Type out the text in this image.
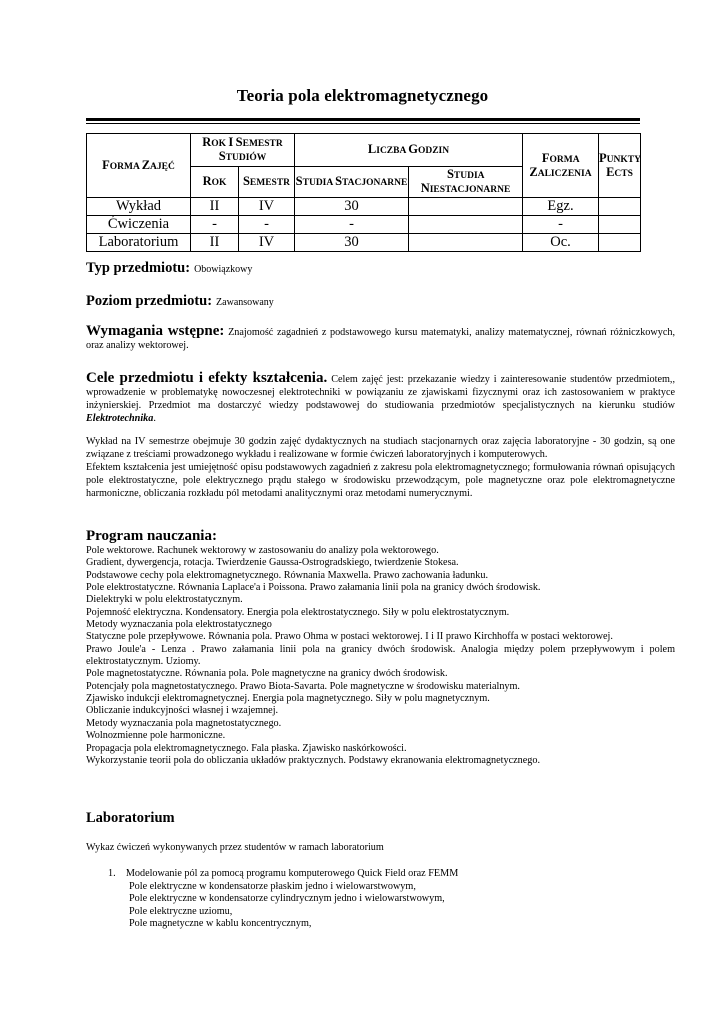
Teoria pola elektromagnetycznego
FORMA ZAJĘĆ	ROK I SEMESTR STUDIÓW		LICZBA GODZIN		FORMA ZALICZENIA	PUNKTY ECTS
	ROK	SEMESTR	STUDIA STACJONARNE	STUDIA NIESTACJONARNE		
Wykład	II	IV	30		Egz.	
Ćwiczenia	-	-	-		-	
Laboratorium	II	IV	30		Oc.	
Typ przedmiotu: Obowiązkowy
Poziom przedmiotu: Zawansowany

Wymagania wstępne: Znajomość zagadnień z podstawowego kursu matematyki, analizy matematycznej, równań różniczkowych, oraz analizy wektorowej.

Cele przedmiotu i efekty kształcenia. Celem zajęć jest: przekazanie wiedzy i zainteresowanie studentów przedmiotem,, wprowadzenie w problematykę nowoczesnej elektrotechniki w powiązaniu ze zjawiskami fizycznymi oraz ich zastosowaniem w praktyce inżynierskiej. Przedmiot ma dostarczyć wiedzy podstawowej do studiowania przedmiotów specjalistycznych na kierunku studiów Elektrotechnika.

Wykład na IV semestrze obejmuje 30 godzin zajęć dydaktycznych na studiach stacjonarnych oraz zajęcia laboratoryjne - 30 godzin, są one związane z treściami prowadzonego wykładu i realizowane w formie ćwiczeń laboratoryjnych i komputerowych.

Efektem kształcenia jest umiejętność opisu podstawowych zagadnień z zakresu pola elektromagnetycznego; formułowania równań opisujących pole elektrostatyczne, pole elektrycznego prądu stałego w środowisku przewodzącym, pole magnetyczne oraz pole elektromagnetyczne harmoniczne, obliczania rozkładu pól metodami analitycznymi oraz metodami numerycznymi.

Program nauczania:

Pole wektorowe. Rachunek wektorowy w zastosowaniu do analizy pola wektorowego.

Gradient, dywergencja, rotacja. Twierdzenie Gaussa-Ostrogradskiego, twierdzenie Stokesa.

Podstawowe cechy pola elektromagnetycznego. Równania Maxwella. Prawo zachowania ładunku.

Pole elektrostatyczne. Równania Laplace'a i Poissona. Prawo załamania linii pola na granicy dwóch środowisk.

Dielektryki w polu elektrostatycznym.

Pojemność elektryczna. Kondensatory. Energia pola elektrostatycznego. Siły w polu elektrostatycznym.

Metody wyznaczania pola elektrostatycznego

Statyczne pole przepływowe. Równania pola. Prawo Ohma w postaci wektorowej. I i II prawo Kirchhoffa w postaci wektorowej.

Prawo Joule'a - Lenza . Prawo załamania linii pola na granicy dwóch środowisk. Analogia między polem przepływowym i polem elektrostatycznym. Uziomy.

Pole magnetostatyczne. Równania pola. Pole magnetyczne na granicy dwóch środowisk.

Potencjały pola magnetostatycznego. Prawo Biota-Savarta. Pole magnetyczne w środowisku materialnym.

Zjawisko indukcji elektromagnetycznej. Energia pola magnetycznego. Siły w polu magnetycznym.

Obliczanie indukcyjności własnej i wzajemnej.

Metody wyznaczania pola magnetostatycznego.

Wolnozmienne pole harmoniczne.

Propagacja pola elektromagnetycznego. Fala płaska. Zjawisko naskórkowości.

Wykorzystanie teorii pola do obliczania układów praktycznych. Podstawy ekranowania elektromagnetycznego.

Laboratorium

Wykaz ćwiczeń wykonywanych przez studentów w ramach laboratorium

1. Modelowanie pól za pomocą programu komputerowego Quick Field oraz FEMM

Pole elektryczne w kondensatorze płaskim jedno i wielowarstwowym,

Pole elektryczne w kondensatorze cylindrycznym jedno i wielowarstwowym,

Pole elektryczne uziomu,

Pole magnetyczne w kablu koncentrycznym,
